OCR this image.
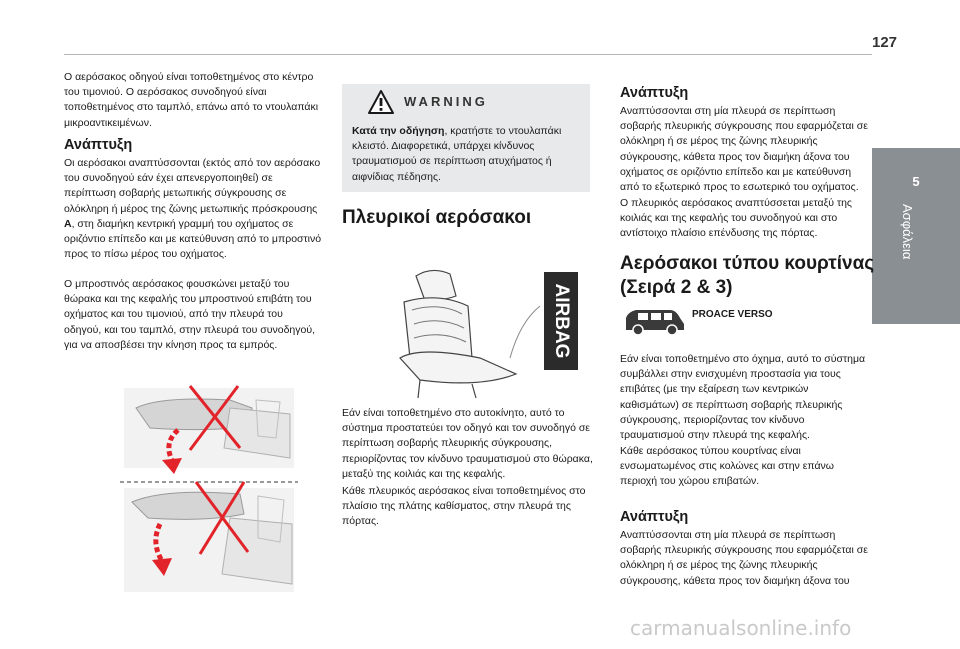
127
5
Ασφάλεια

Ο αερόσακος οδηγού είναι τοποθετημένος στο κέντρο του τιμονιού. Ο αερόσακος συνοδηγού είναι τοποθετημένος στο ταμπλό, επάνω από το ντουλαπάκι μικροαντικειμένων.

Ανάπτυξη

Οι αερόσακοι αναπτύσσονται (εκτός από τον αερόσακο του συνοδηγού εάν έχει απενεργοποιηθεί) σε περίπτωση σοβαρής μετωπικής σύγκρουσης σε ολόκληρη ή μέρος της ζώνης μετωπικής πρόσκρουσης A, στη διαμήκη κεντρική γραμμή του οχήματος σε οριζόντιο επίπεδο και με κατεύθυνση από το μπροστινό προς το πίσω μέρος του οχήματος.

Ο μπροστινός αερόσακος φουσκώνει μεταξύ του θώρακα και της κεφαλής του μπροστινού επιβάτη του οχήματος και του τιμονιού, από την πλευρά του οδηγού, και του ταμπλό, στην πλευρά του συνοδηγού, για να αποσβέσει την κίνηση προς τα εμπρός.

WARNING

Κατά την οδήγηση, κρατήστε το ντουλαπάκι κλειστό. Διαφορετικά, υπάρχει κίνδυνος τραυματισμού σε περίπτωση ατυχήματος ή αιφνίδιας πέδησης.

Πλευρικοί αερόσακοι

Εάν είναι τοποθετημένο στο αυτοκίνητο, αυτό το σύστημα προστατεύει τον οδηγό και τον συνοδηγό σε περίπτωση σοβαρής πλευρικής σύγκρουσης, περιορίζοντας τον κίνδυνο τραυματισμού στο θώρακα, μεταξύ της κοιλιάς και της κεφαλής.

Κάθε πλευρικός αερόσακος είναι τοποθετημένος στο πλαίσιο της πλάτης καθίσματος, στην πλευρά της πόρτας.

AIRBAG
Ανάπτυξη

Αναπτύσσονται στη μία πλευρά σε περίπτωση σοβαρής πλευρικής σύγκρουσης που εφαρμόζεται σε ολόκληρη ή σε μέρος της ζώνης πλευρικής σύγκρουσης, κάθετα προς τον διαμήκη άξονα του οχήματος σε οριζόντιο επίπεδο και με κατεύθυνση από το εξωτερικό προς το εσωτερικό του οχήματος.

Ο πλευρικός αερόσακος αναπτύσσεται μεταξύ της κοιλιάς και της κεφαλής του συνοδηγού και στο αντίστοιχο πλαίσιο επένδυσης της πόρτας.

Αερόσακοι τύπου κουρτίνας
(Σειρά 2 & 3)

Εάν είναι τοποθετημένο στο όχημα, αυτό το σύστημα συμβάλλει στην ενισχυμένη προστασία για τους επιβάτες (με την εξαίρεση των κεντρικών καθισμάτων) σε περίπτωση σοβαρής πλευρικής σύγκρουσης, περιορίζοντας τον κίνδυνο τραυματισμού στην πλευρά της κεφαλής.

Κάθε αερόσακος τύπου κουρτίνας είναι ενσωματωμένος στις κολώνες και στην επάνω περιοχή του χώρου επιβατών.

Ανάπτυξη

Αναπτύσσονται στη μία πλευρά σε περίπτωση σοβαρής πλευρικής σύγκρουσης που εφαρμόζεται σε ολόκληρη ή σε μέρος της ζώνης πλευρικής σύγκρουσης, κάθετα προς τον διαμήκη άξονα του

PROACE VERSO
carmanualsonline.info
